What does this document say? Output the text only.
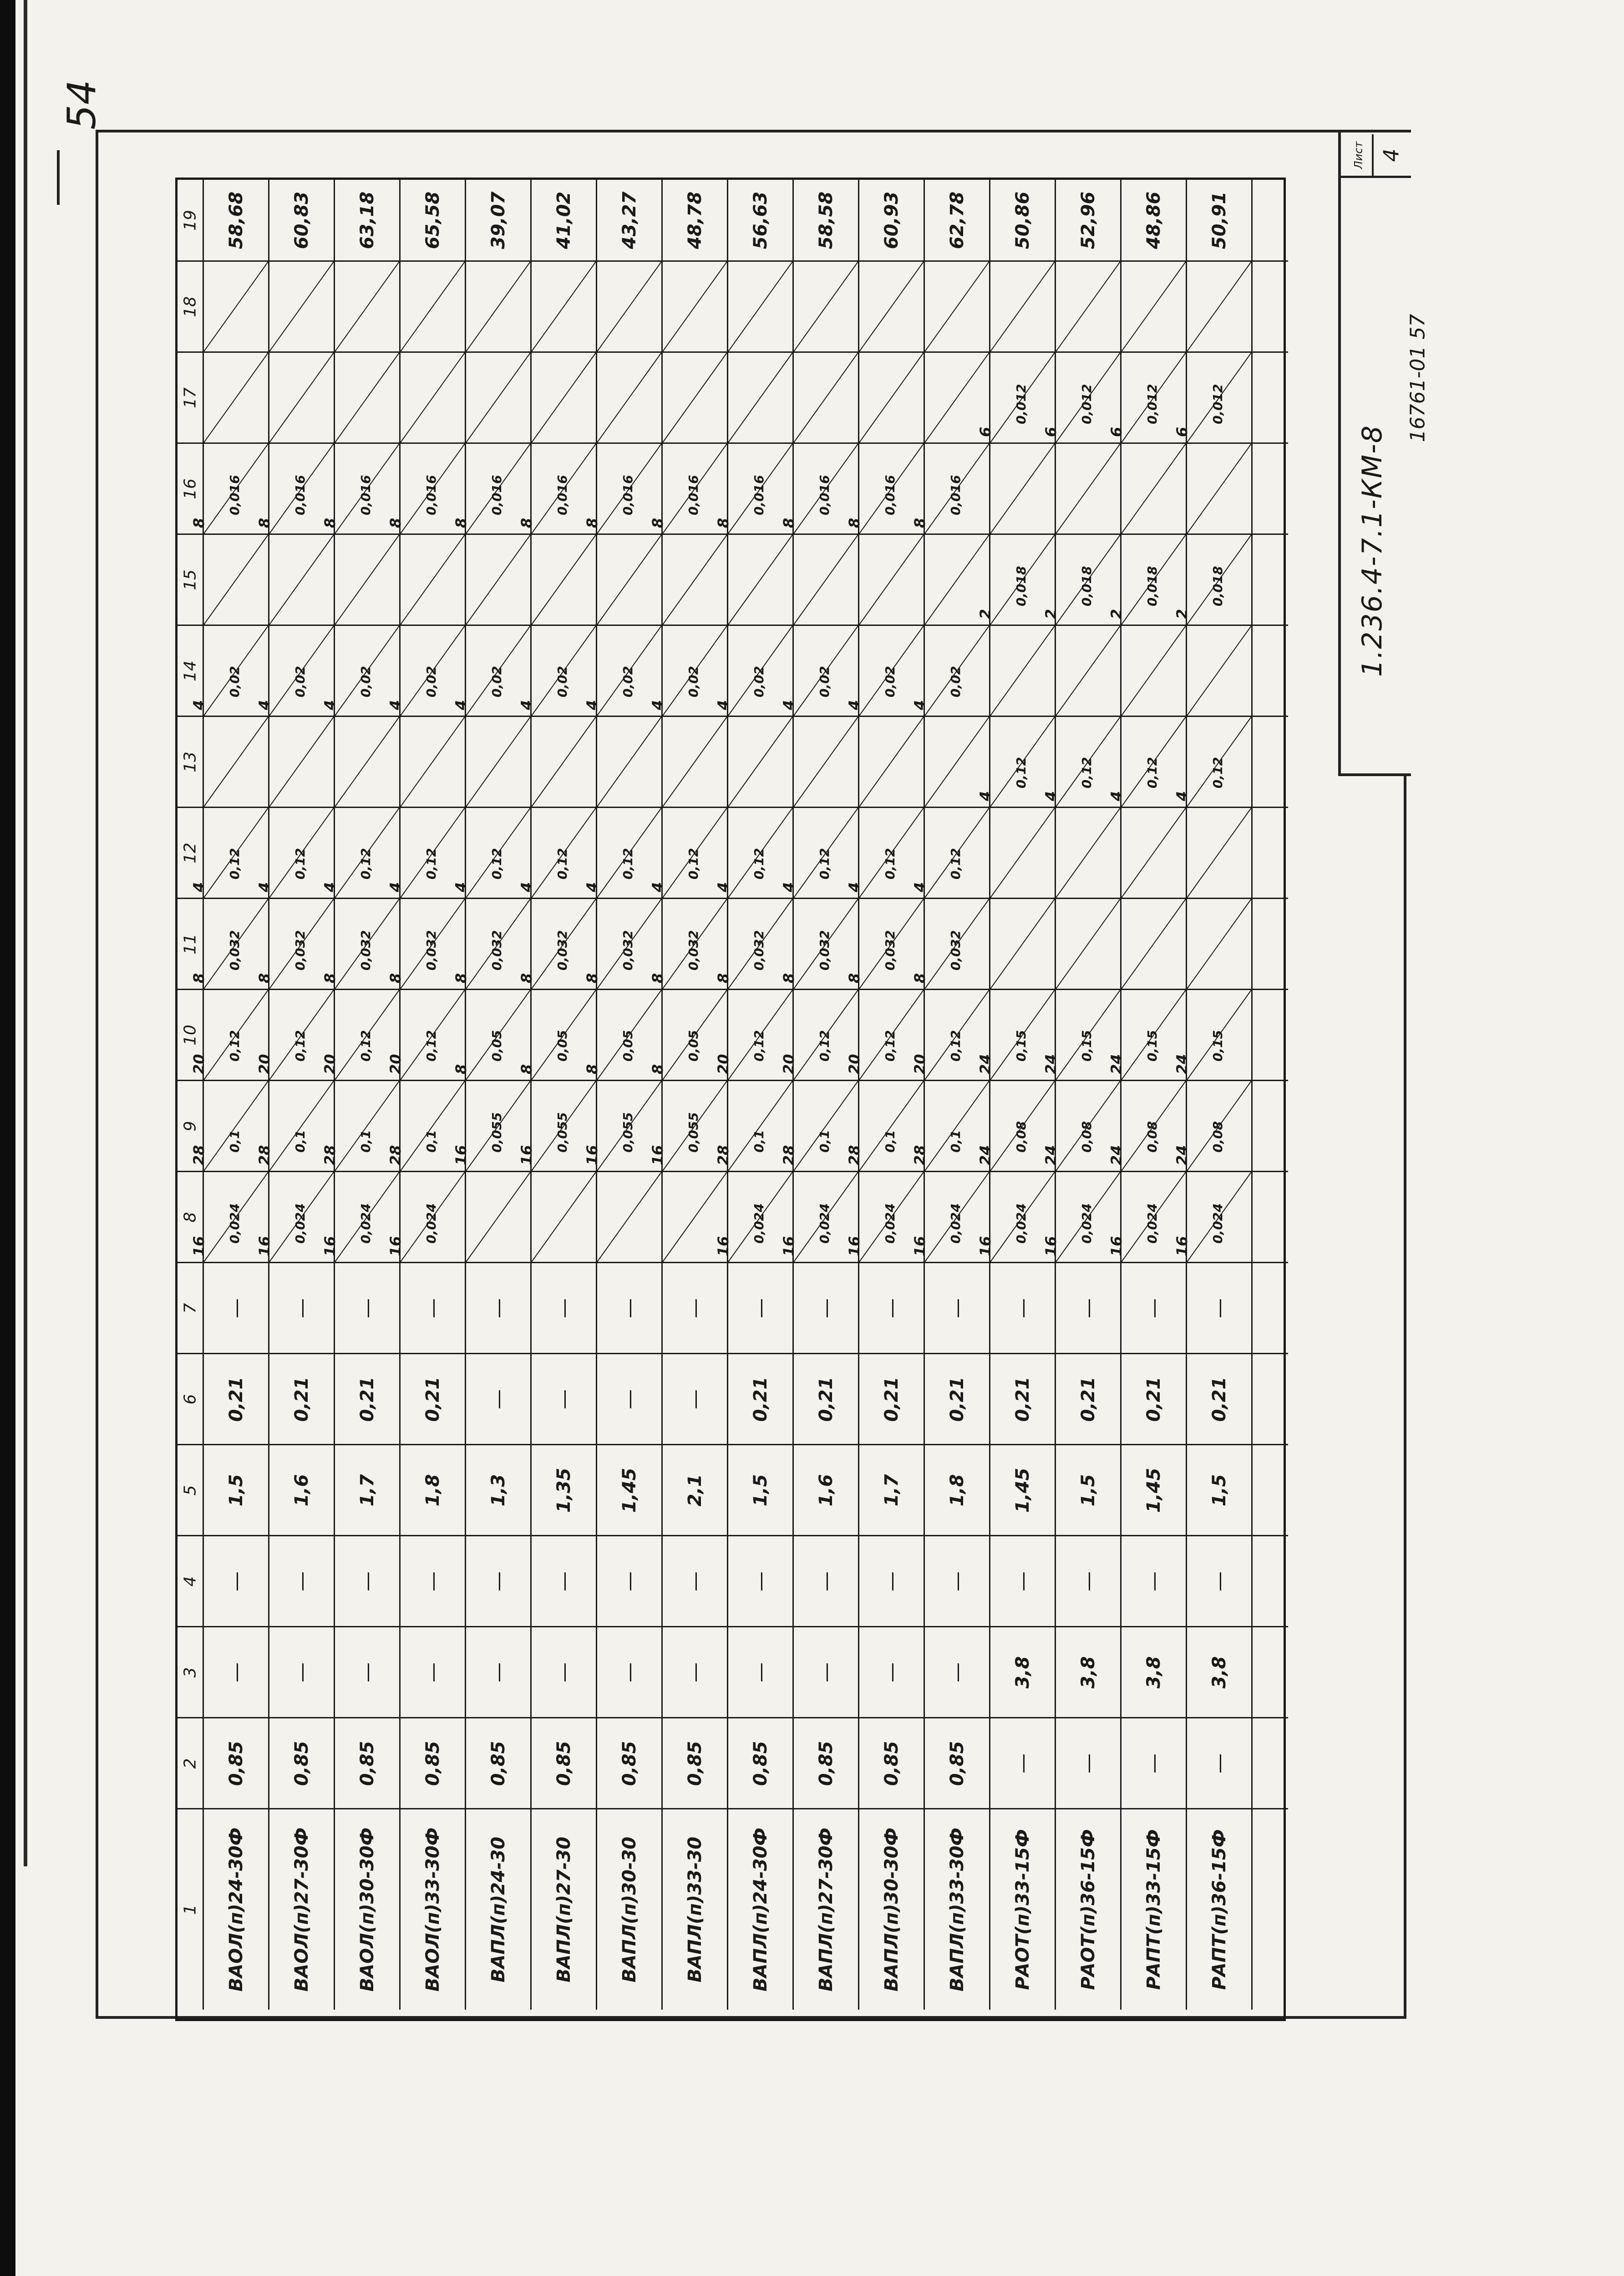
54
Лист 4
1.236.4-7.1-КМ-8
16761-01 57
19 58,68 60,83 63,18 65,58 39,07 41,02 43,27 48,78 56,63 58,58 60,93 62,78 50,86 52,96 48,86 50,91
18
17
6
0,012
6
0,012
6
0,012
6
0,012
16
8
0,016
8
0,016
8
0,016
8
0,016
8
0,016
8
0,016
8
0,016
8
0,016
8
0,016
8
0,016
8
0,016
8
0,016
15
2
0,018
2
0,018
2
0,018
2
0,018
14
4
0,02
4
0,02
4
0,02
4
0,02
4
0,02
4
0,02
4
0,02
4
0,02
4
0,02
4
0,02
4
0,02
4
0,02
13
4
0,12
4
0,12
4
0,12
4
0,12
12
4
0,12
4
0,12
4
0,12
4
0,12
4
0,12
4
0,12
4
0,12
4
0,12
4
0,12
4
0,12
4
0,12
4
0,12
11
8
0,032
8
0,032
8
0,032
8
0,032
8
0,032
8
0,032
8
0,032
8
0,032
8
0,032
8
0,032
8
0,032
8
0,032
10
20
0,12
20
0,12
20
0,12
20
0,12
8
0,05
8
0,05
8
0,05
8
0,05
20
0,12
20
0,12
20
0,12
20
0,12
24
0,15
24
0,15
24
0,15
24
0,15
9
28
0,1
28
0,1
28
0,1
28
0,1
16
0,055
16
0,055
16
0,055
16
0,055
28
0,1
28
0,1
28
0,1
28
0,1
24
0,08
24
0,08
24
0,08
24
0,08
8
16
0,024
16
0,024
16
0,024
16
0,024
16
0,024
16
0,024
16
0,024
16
0,024
16
0,024
16
0,024
16
0,024
16
0,024
7 — — — — — — — — — — — — — — — —
6 0,21 0,21 0,21 0,21 — — — — 0,21 0,21 0,21 0,21 0,21 0,21 0,21 0,21
5 1,5 1,6 1,7 1,8 1,3 1,35 1,45 2,1 1,5 1,6 1,7 1,8 1,45 1,5 1,45 1,5
4 — — — — — — — — — — — — — — — —
3 — — — — — — — — — — — — 3,8 3,8 3,8 3,8
2 0,85 0,85 0,85 0,85 0,85 0,85 0,85 0,85 0,85 0,85 0,85 0,85 — — — —
1 ВАОЛ(п)24-30Ф ВАОЛ(п)27-30Ф ВАОЛ(п)30-30Ф ВАОЛ(п)33-30Ф ВАПЛ(п)24-30 ВАПЛ(п)27-30 ВАПЛ(п)30-30 ВАПЛ(п)33-30 ВАПЛ(п)24-30Ф ВАПЛ(п)27-30Ф ВАПЛ(п)30-30Ф ВАПЛ(п)33-30Ф РАОТ(п)33-15Ф РАОТ(п)36-15Ф РАПТ(п)33-15Ф РАПТ(п)36-15Ф
